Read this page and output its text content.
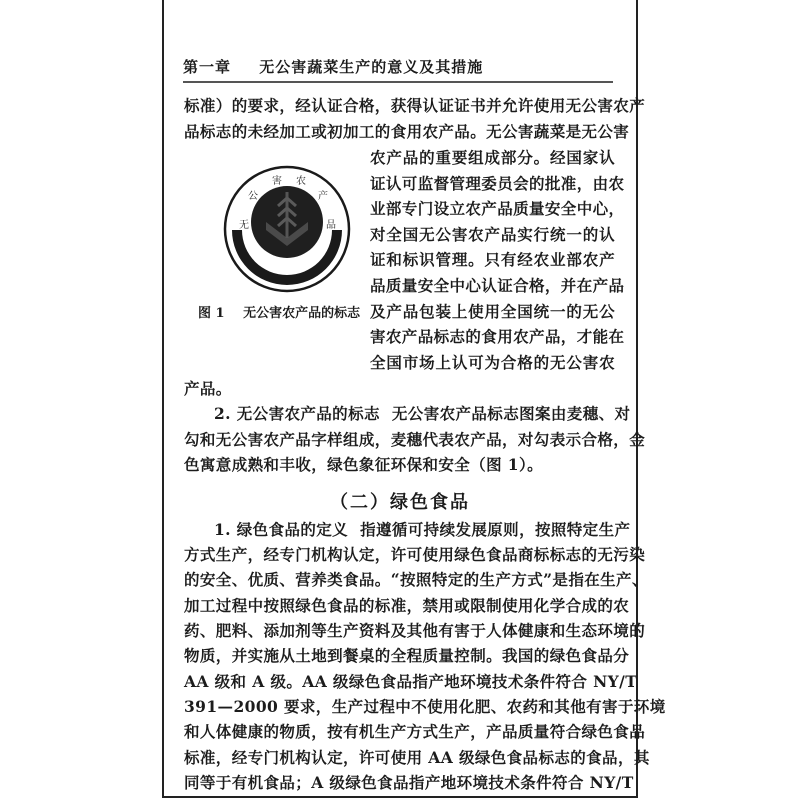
第一章 无公害蔬菜生产的意义及其措施
标准）的要求，经认证合格，获得认证证书并允许使用无公害农产
品标志的未经加工或初加工的食用农产品。无公害蔬菜是无公害
农产品的重要组成部分。经国家认
证认可监督管理委员会的批准，由农
业部专门设立农产品质量安全中心，
对全国无公害农产品实行统一的认
证和标识管理。只有经农业部农产
品质量安全中心认证合格，并在产品
及产品包装上使用全国统一的无公
害农产品标志的食用农产品，才能在
全国市场上认可为合格的无公害农
无
公
害 农
产
品
图 1 无公害农产品的标志
产品。
2. 无公害农产品的标志 无公害农产品标志图案由麦穗、对
勾和无公害农产品字样组成，麦穗代表农产品，对勾表示合格，金
色寓意成熟和丰收，绿色象征环保和安全（图 1）。
（二）绿色食品
1. 绿色食品的定义 指遵循可持续发展原则，按照特定生产
方式生产，经专门机构认定，许可使用绿色食品商标标志的无污染
的安全、优质、营养类食品。“按照特定的生产方式”是指在生产、
加工过程中按照绿色食品的标准，禁用或限制使用化学合成的农
药、肥料、添加剂等生产资料及其他有害于人体健康和生态环境的
物质，并实施从土地到餐桌的全程质量控制。我国的绿色食品分
AA 级和 A 级。AA 级绿色食品指产地环境技术条件符合 NY/T
391—2000 要求，生产过程中不使用化肥、农药和其他有害于环境
和人体健康的物质，按有机生产方式生产，产品质量符合绿色食品
标准，经专门机构认定，许可使用 AA 级绿色食品标志的食品，其
同等于有机食品；A 级绿色食品指产地环境技术条件符合 NY/T
